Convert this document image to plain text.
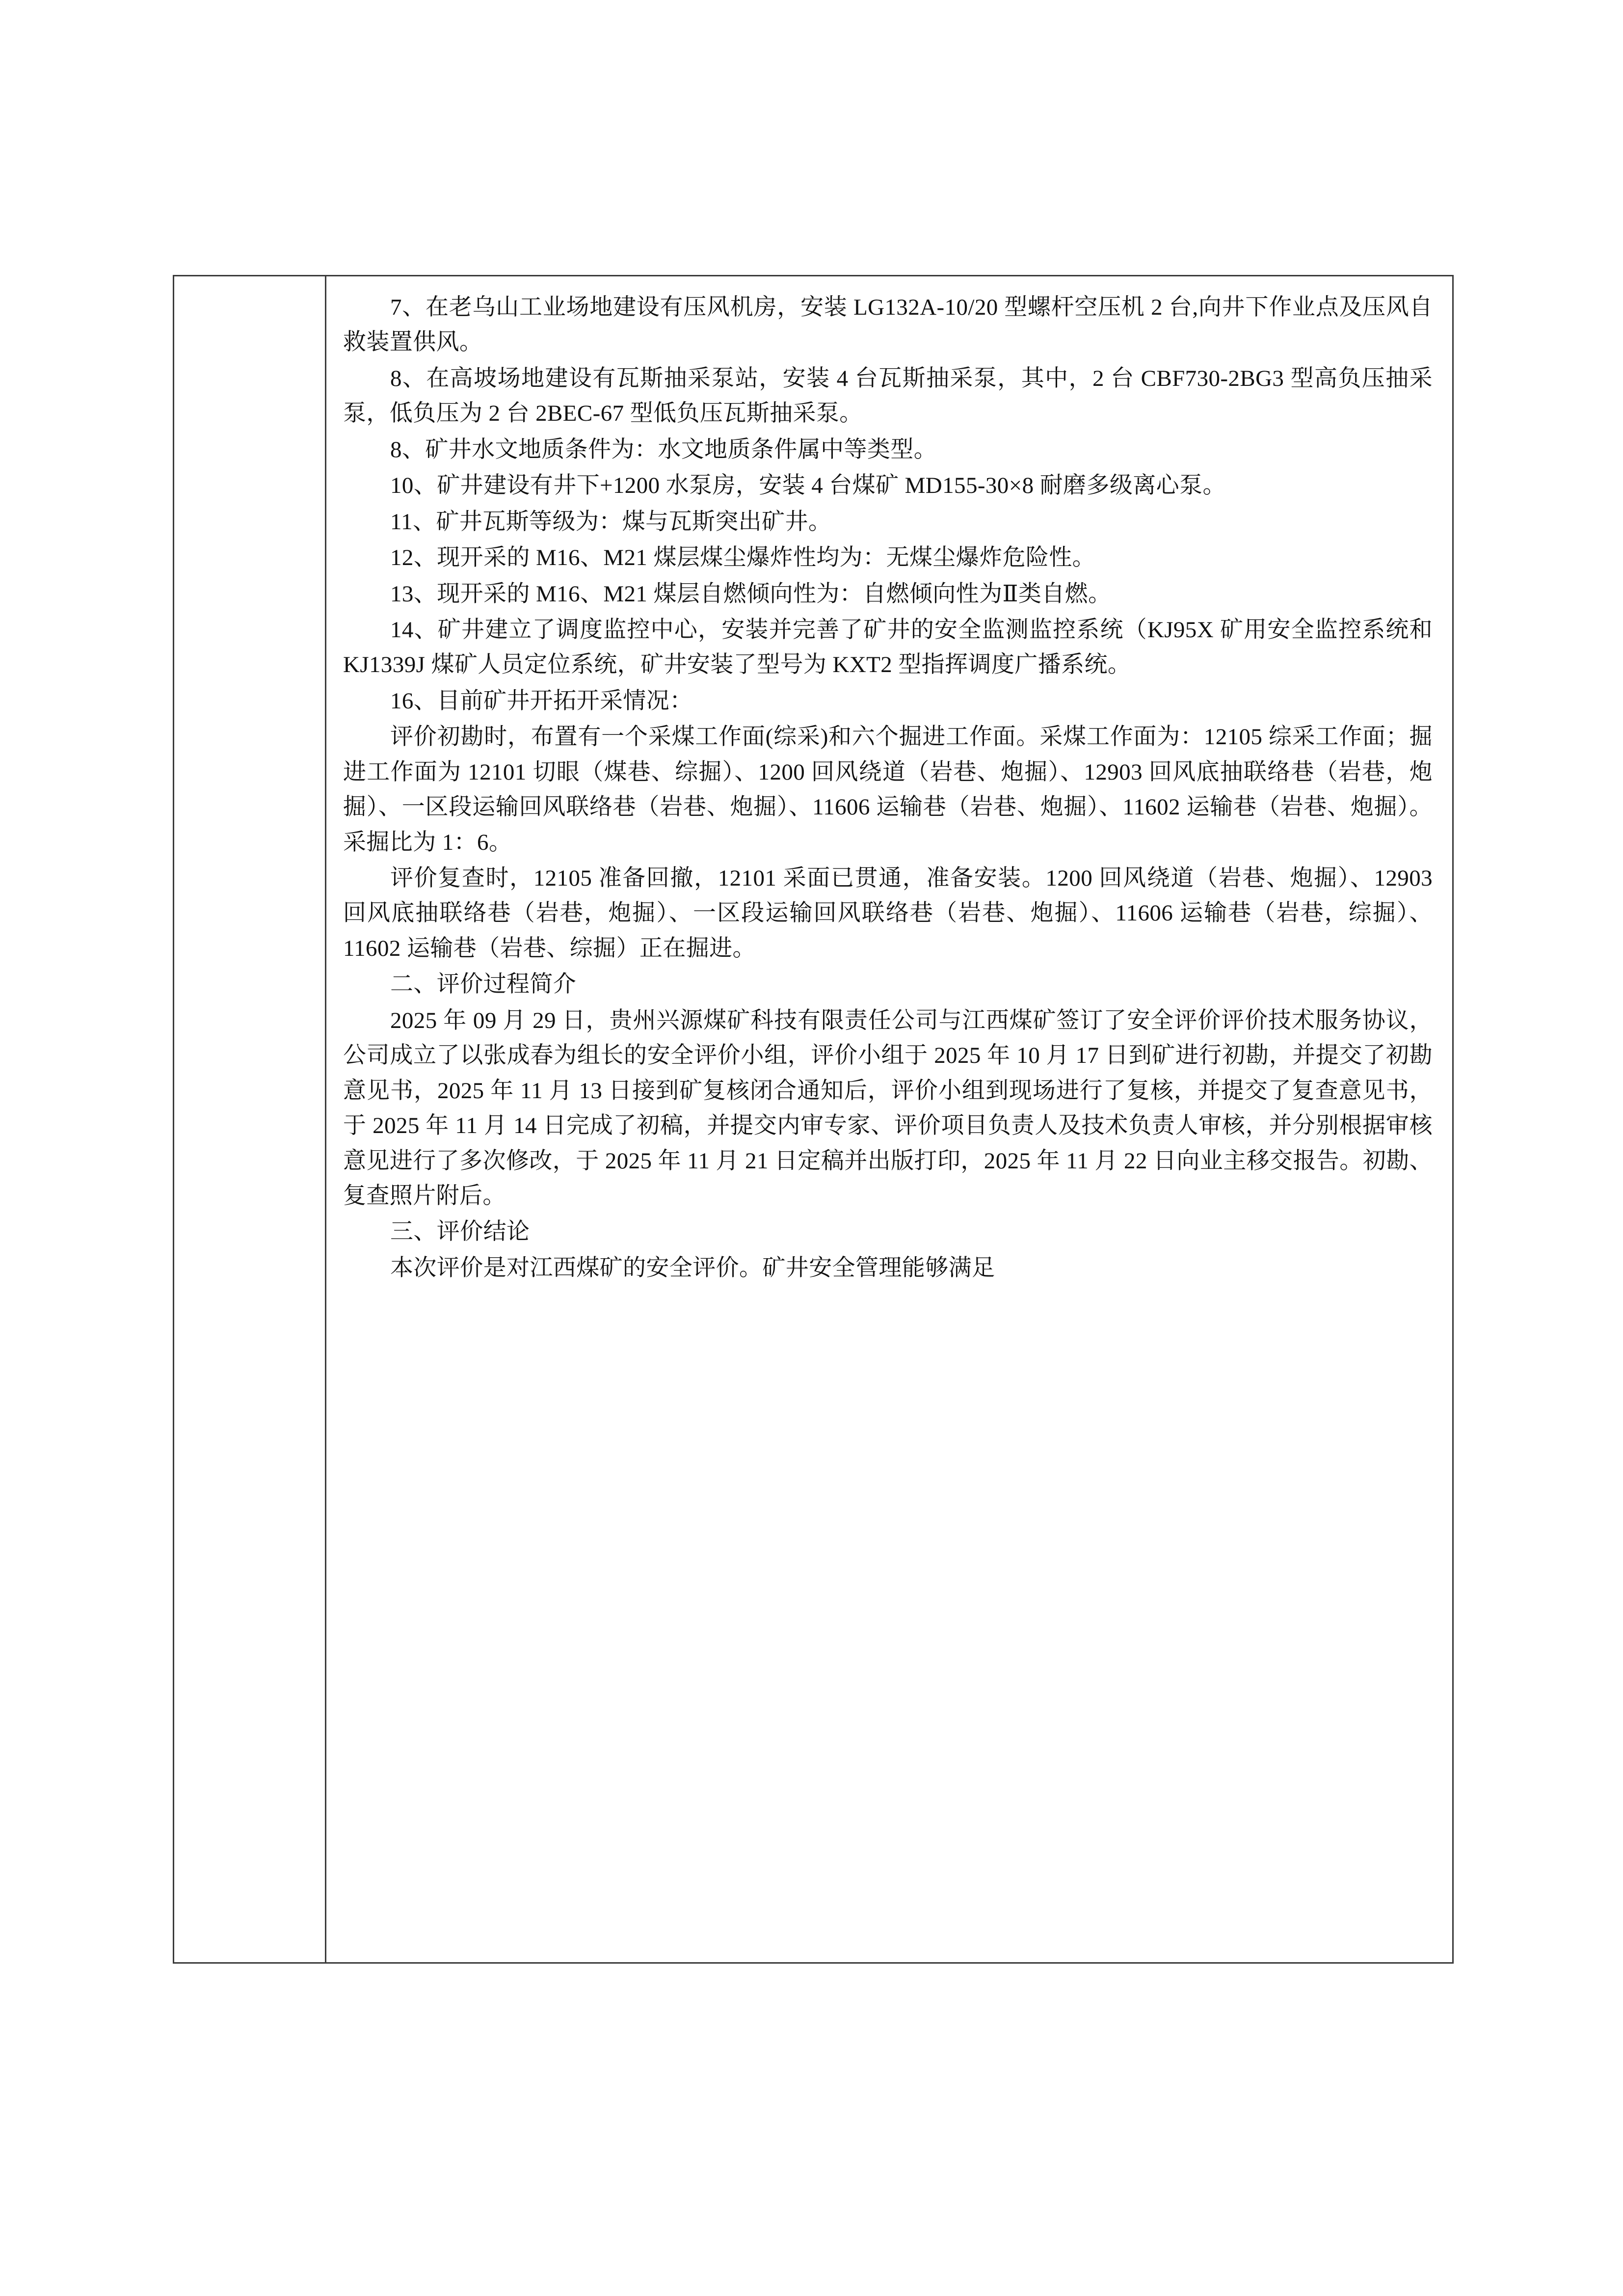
7、在老乌山工业场地建设有压风机房，安装 LG132A-10/20 型螺杆空压机 2 台,向井下作业点及压风自救装置供风。

8、在高坡场地建设有瓦斯抽采泵站，安装 4 台瓦斯抽采泵，其中，2 台 CBF730-2BG3 型高负压抽采泵，低负压为 2 台 2BEC-67 型低负压瓦斯抽采泵。

8、矿井水文地质条件为：水文地质条件属中等类型。

10、矿井建设有井下+1200 水泵房，安装 4 台煤矿 MD155-30×8 耐磨多级离心泵。

11、矿井瓦斯等级为：煤与瓦斯突出矿井。

12、现开采的 M16、M21 煤层煤尘爆炸性均为：无煤尘爆炸危险性。

13、现开采的 M16、M21 煤层自燃倾向性为：自燃倾向性为Ⅱ类自燃。

14、矿井建立了调度监控中心，安装并完善了矿井的安全监测监控系统（KJ95X 矿用安全监控系统和 KJ1339J 煤矿人员定位系统，矿井安装了型号为 KXT2 型指挥调度广播系统。

16、目前矿井开拓开采情况：

评价初勘时，布置有一个采煤工作面(综采)和六个掘进工作面。采煤工作面为：12105 综采工作面；掘进工作面为 12101 切眼（煤巷、综掘）、1200 回风绕道（岩巷、炮掘）、12903 回风底抽联络巷（岩巷，炮掘）、一区段运输回风联络巷（岩巷、炮掘）、11606 运输巷（岩巷、炮掘）、11602 运输巷（岩巷、炮掘）。采掘比为 1：6。

评价复查时，12105 准备回撤，12101 采面已贯通，准备安装。1200 回风绕道（岩巷、炮掘）、12903 回风底抽联络巷（岩巷，炮掘）、一区段运输回风联络巷（岩巷、炮掘）、11606 运输巷（岩巷，综掘）、11602 运输巷（岩巷、综掘）正在掘进。

二、评价过程简介

2025 年 09 月 29 日，贵州兴源煤矿科技有限责任公司与江西煤矿签订了安全评价评价技术服务协议，公司成立了以张成春为组长的安全评价小组，评价小组于 2025 年 10 月 17 日到矿进行初勘，并提交了初勘意见书，2025 年 11 月 13 日接到矿复核闭合通知后，评价小组到现场进行了复核，并提交了复查意见书，于 2025 年 11 月 14 日完成了初稿，并提交内审专家、评价项目负责人及技术负责人审核，并分别根据审核意见进行了多次修改，于 2025 年 11 月 21 日定稿并出版打印，2025 年 11 月 22 日向业主移交报告。初勘、复查照片附后。

三、评价结论

本次评价是对江西煤矿的安全评价。矿井安全管理能够满足
